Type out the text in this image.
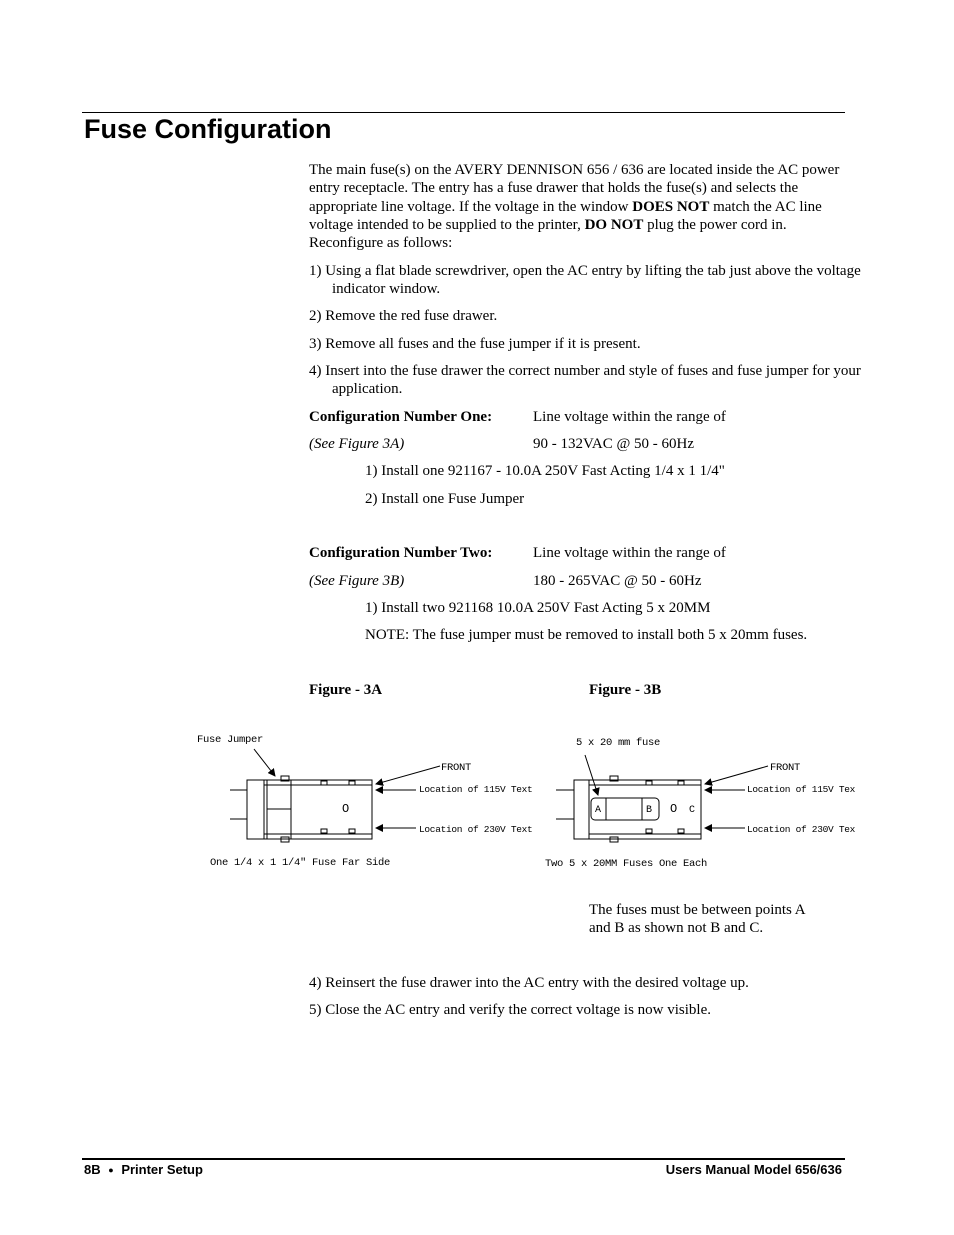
Fuse Configuration

The main fuse(s) on the AVERY DENNISON 656 / 636 are located inside the AC power entry receptacle. The entry has a fuse drawer that holds the fuse(s) and selects the appropriate line voltage. If the voltage in the window DOES NOT match the AC line voltage intended to be supplied to the printer, DO NOT plug the power cord in. Reconfigure as follows:

1) Using a flat blade screwdriver, open the AC entry by lifting the tab just above the voltage indicator window.

2) Remove the red fuse drawer.

3) Remove all fuses and the fuse jumper if it is present.

4) Insert into the fuse drawer the correct number and style of fuses and fuse jumper for your application.

Configuration Number One:	Line voltage within the range of
(See Figure 3A)	90 - 132VAC @ 50 - 60Hz
1) Install one 921167 - 10.0A 250V Fast Acting 1/4 x 1 1/4"
2) Install one Fuse Jumper
Configuration Number Two:	Line voltage within the range of
(See Figure 3B)	180 - 265VAC @ 50 - 60Hz
1) Install two 921168 10.0A 250V Fast Acting 5 x 20MM
NOTE: The fuse jumper must be removed to install both 5 x 20mm fuses.
Figure - 3A	Figure - 3B
O
Fuse Jumper
FRONT
Location of 115V Text
Location of 230V Text
One 1/4 x 1 1/4" Fuse Far Side
A	B O C
5 x 20 mm fuse
FRONT
Location of 115V Tex
Location of 230V Tex
Two 5 x 20MM Fuses One Each

The fuses must be between points A and B as shown not B and C.

4) Reinsert the fuse drawer into the AC entry with the desired voltage up.

5) Close the AC entry and verify the correct voltage is now visible.

8B ● Printer Setup	Users Manual Model 656/636
